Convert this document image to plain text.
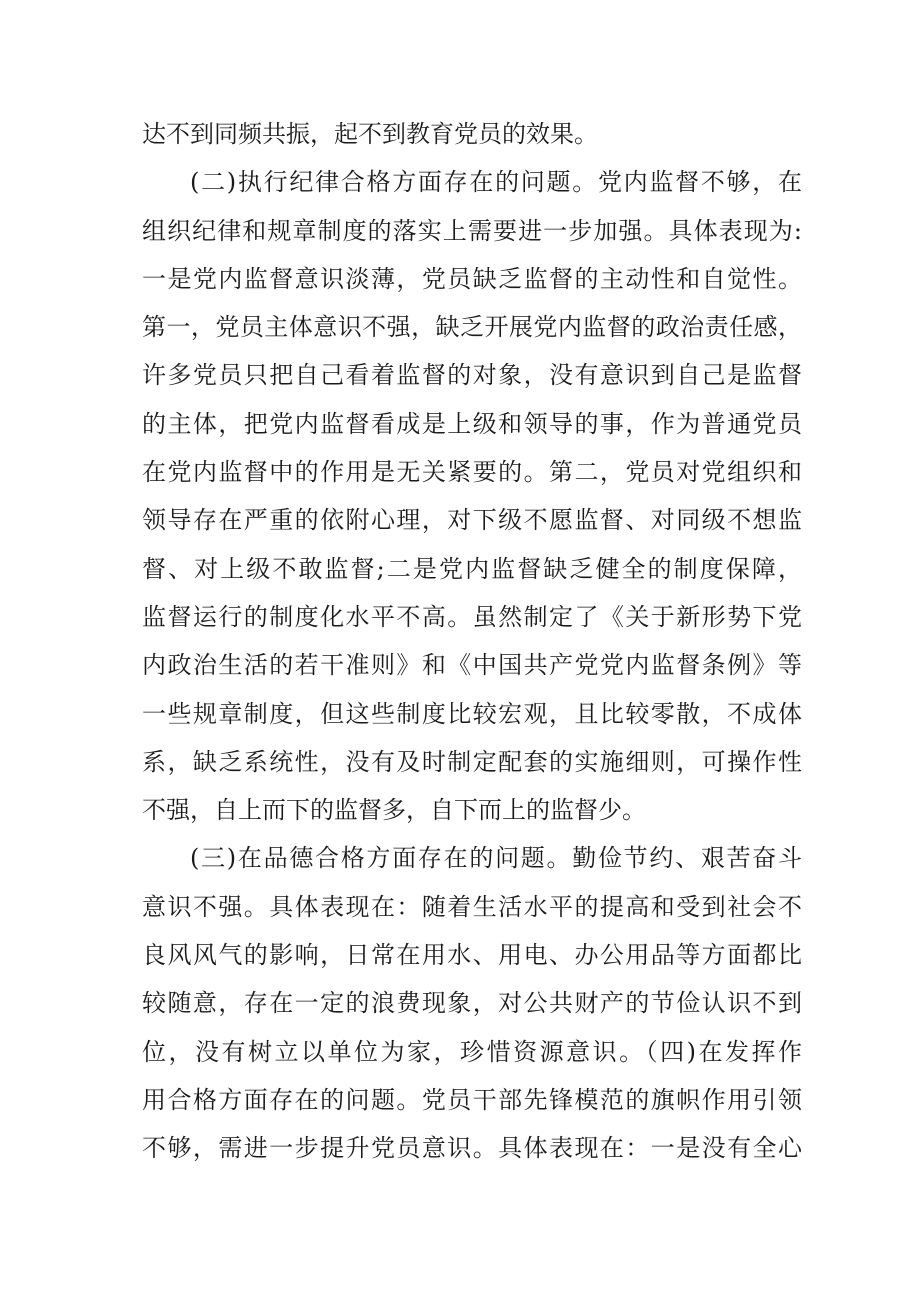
达不到同频共振，起不到教育党员的效果。
(二)执行纪律合格方面存在的问题。党内监督不够，在
组织纪律和规章制度的落实上需要进一步加强。具体表现为:
一是党内监督意识淡薄，党员缺乏监督的主动性和自觉性。
第一，党员主体意识不强，缺乏开展党内监督的政治责任感，
许多党员只把自己看着监督的对象，没有意识到自己是监督
的主体，把党内监督看成是上级和领导的事，作为普通党员
在党内监督中的作用是无关紧要的。第二，党员对党组织和
领导存在严重的依附心理，对下级不愿监督、对同级不想监
督、对上级不敢监督;二是党内监督缺乏健全的制度保障，
监督运行的制度化水平不高。虽然制定了《关于新形势下党
内政治生活的若干准则》和《中国共产党党内监督条例》等
一些规章制度，但这些制度比较宏观，且比较零散，不成体
系，缺乏系统性，没有及时制定配套的实施细则，可操作性
不强，自上而下的监督多，自下而上的监督少。
(三)在品德合格方面存在的问题。勤俭节约、艰苦奋斗
意识不强。具体表现在：随着生活水平的提高和受到社会不
良风风气的影响，日常在用水、用电、办公用品等方面都比
较随意，存在一定的浪费现象，对公共财产的节俭认识不到
位，没有树立以单位为家，珍惜资源意识。（四)在发挥作
用合格方面存在的问题。党员干部先锋模范的旗帜作用引领
不够，需进一步提升党员意识。具体表现在：一是没有全心
